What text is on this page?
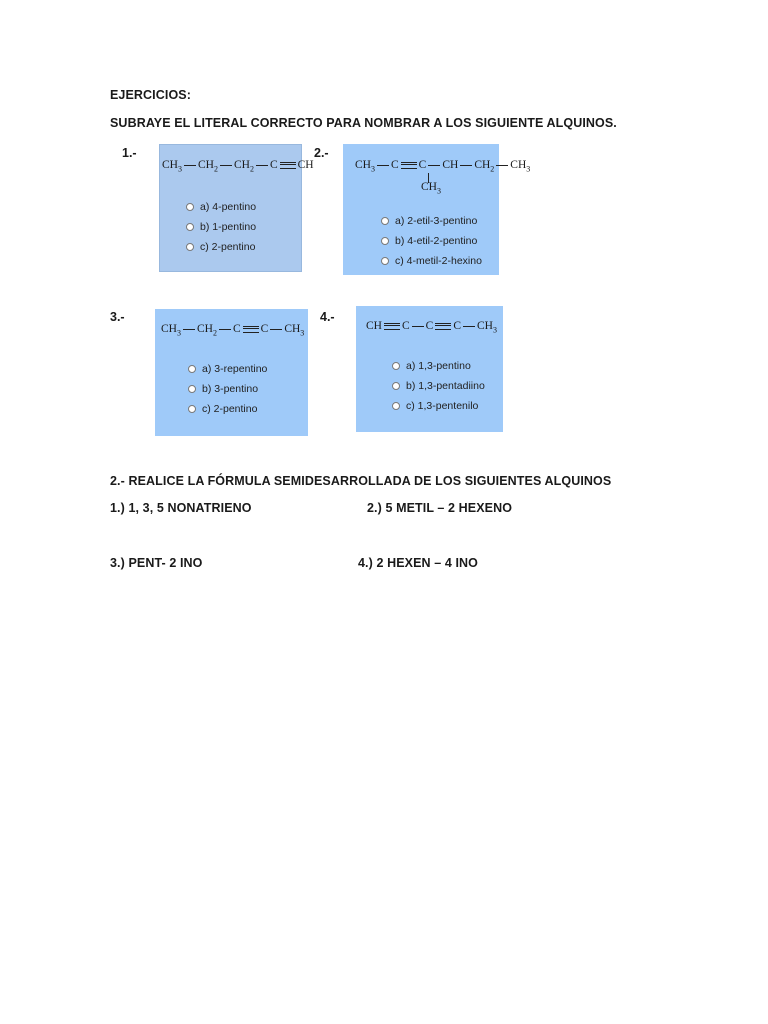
EJERCICIOS:
SUBRAYE EL LITERAL CORRECTO PARA NOMBRAR A LOS SIGUIENTE ALQUINOS.
1.-
$CH_3$ $CH_2$ $CH_2$ C CH
a) 4-pentino
b) 1-pentino
c) 2-pentino
2.-
$CH_3$ C C CH $CH_2$ $CH_3$
$CH_3$
a) 2-etil-3-pentino
b) 4-etil-2-pentino
c) 4-metil-2-hexino
3.-
$CH_3$ $CH_2$ C C $CH_3$
a) 3-repentino
b) 3-pentino
c) 2-pentino
4.-
CH C C C $CH_3$
a) 1,3-pentino
b) 1,3-pentadiino
c) 1,3-pentenilo
2.- REALICE LA FÓRMULA SEMIDESARROLLADA DE LOS SIGUIENTES ALQUINOS
1.) 1, 3, 5 NONATRIENO	2.) 5 METIL – 2 HEXENO
3.) PENT- 2 INO	4.) 2 HEXEN – 4 INO
